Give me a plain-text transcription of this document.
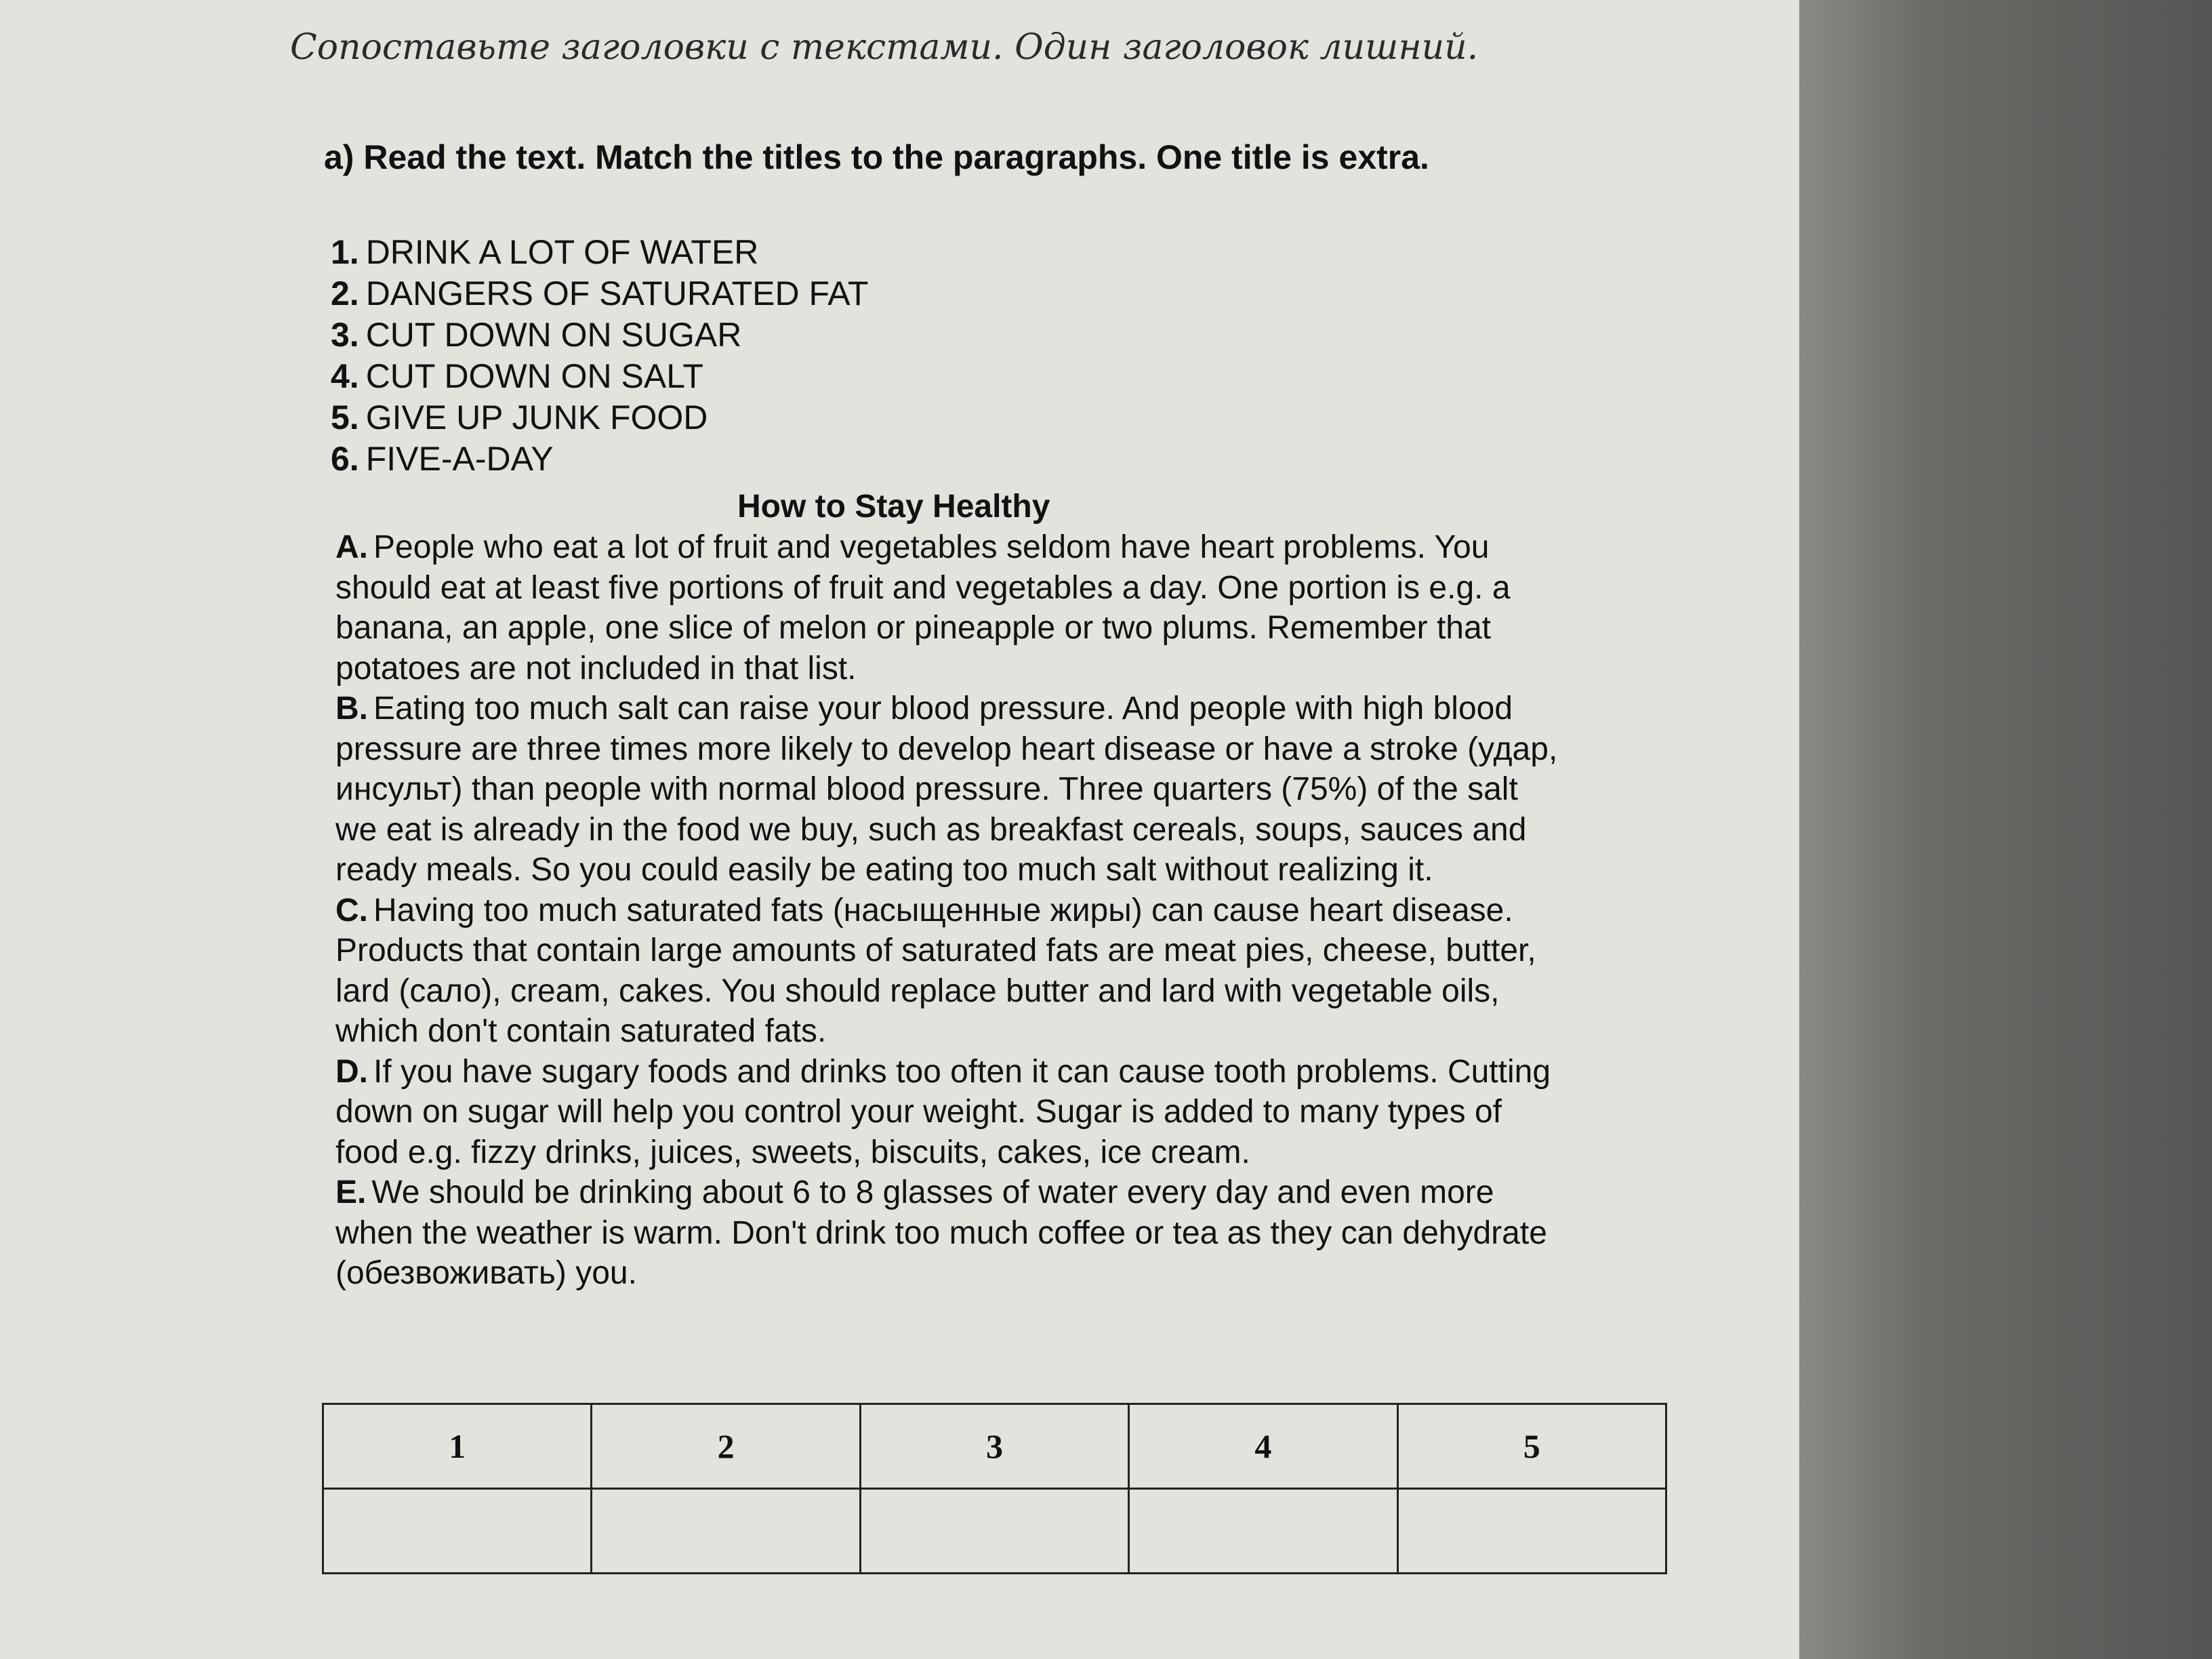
Сопоставьте заголовки с текстами. Один заголовок лишний.
a) Read the text. Match the titles to the paragraphs. One title is extra.
1. DRINK A LOT OF WATER
2. DANGERS OF SATURATED FAT
3. CUT DOWN ON SUGAR
4. CUT DOWN ON SALT
5. GIVE UP JUNK FOOD
6. FIVE-A-DAY
How to Stay Healthy

A. People who eat a lot of fruit and vegetables seldom have heart problems. You should eat at least five portions of fruit and vegetables a day. One portion is e.g. a banana, an apple, one slice of melon or pineapple or two plums. Remember that potatoes are not included in that list.

B. Eating too much salt can raise your blood pressure. And people with high blood pressure are three times more likely to develop heart disease or have a stroke (удар, инсульт) than people with normal blood pressure. Three quarters (75%) of the salt we eat is already in the food we buy, such as breakfast cereals, soups, sauces and ready meals. So you could easily be eating too much salt without realizing it.

C. Having too much saturated fats (насыщенные жиры) can cause heart disease. Products that contain large amounts of saturated fats are meat pies, cheese, butter, lard (сало), cream, cakes. You should replace butter and lard with vegetable oils, which don't contain saturated fats.

D. If you have sugary foods and drinks too often it can cause tooth problems. Cutting down on sugar will help you control your weight. Sugar is added to many types of food e.g. fizzy drinks, juices, sweets, biscuits, cakes, ice cream.

E. We should be drinking about 6 to 8 glasses of water every day and even more when the weather is warm. Don't drink too much coffee or tea as they can dehydrate (обезвоживать) you.

1	2	3	4	5
